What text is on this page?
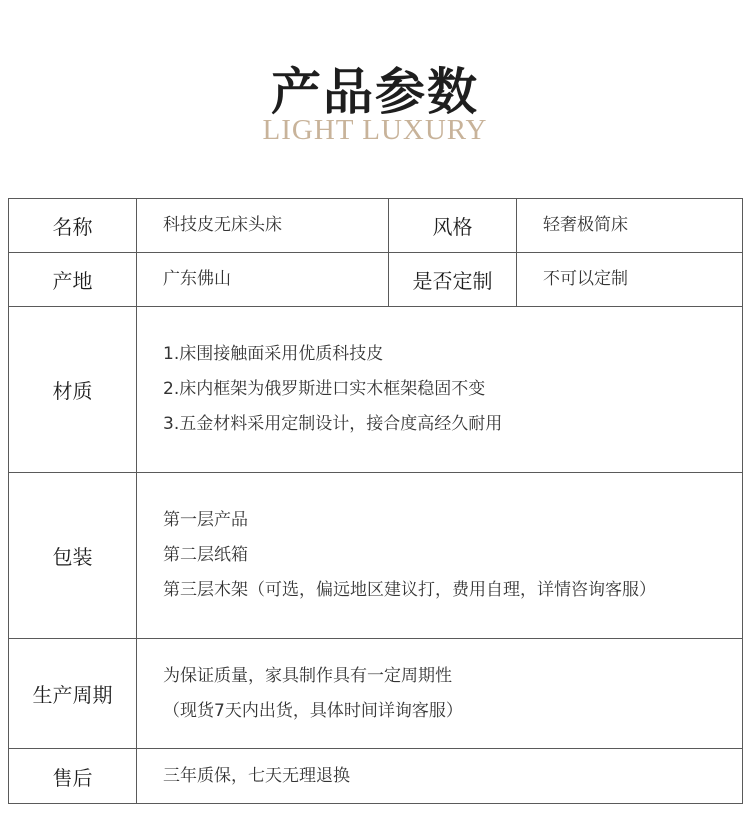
产品参数
LIGHT LUXURY
名称	科技皮无床头床	风格	轻奢极简床
产地	广东佛山	是否定制	不可以定制
材质	1.床围接触面采用优质科技皮

2.床内框架为俄罗斯进口实木框架稳固不变

3.五金材料采用定制设计，接合度高经久耐用		

包装	第一层产品

第二层纸箱

第三层木架（可选，偏远地区建议打，费用自理，详情咨询客服）		

生产周期	为保证质量，家具制作具有一定周期性

（现货7天内出货，具体时间详询客服）		

售后	三年质保，七天无理退换		
